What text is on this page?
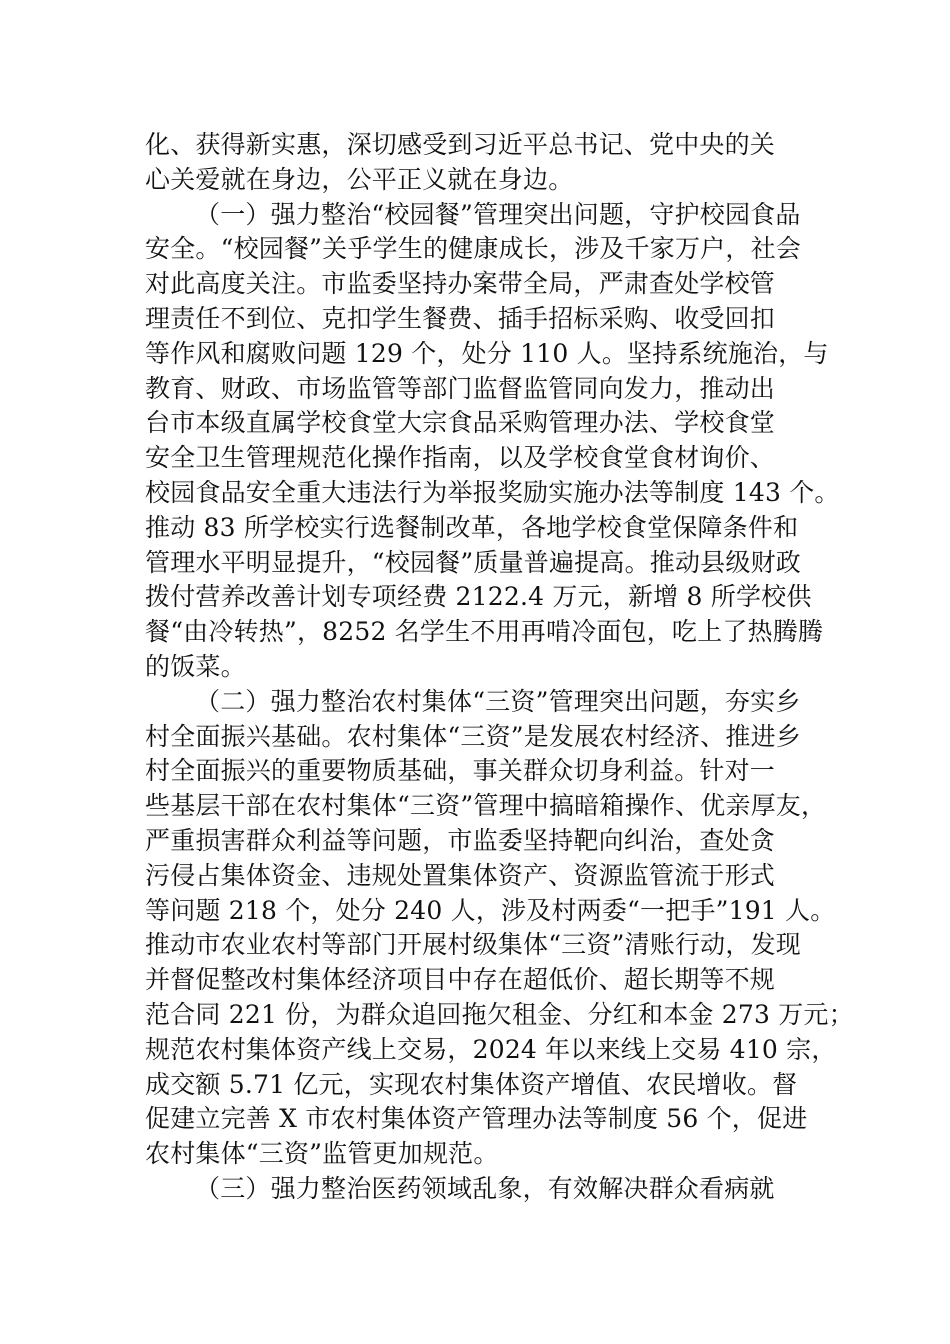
化、获得新实惠，深切感受到习近平总书记、党中央的关
心关爱就在身边，公平正义就在身边。
（一）强力整治“校园餐”管理突出问题，守护校园食品
安全。“校园餐”关乎学生的健康成长，涉及千家万户，社会
对此高度关注。市监委坚持办案带全局，严肃查处学校管
理责任不到位、克扣学生餐费、插手招标采购、收受回扣
等作风和腐败问题 129 个，处分 110 人。坚持系统施治，与
教育、财政、市场监管等部门监督监管同向发力，推动出
台市本级直属学校食堂大宗食品采购管理办法、学校食堂
安全卫生管理规范化操作指南，以及学校食堂食材询价、
校园食品安全重大违法行为举报奖励实施办法等制度 143 个。
推动 83 所学校实行选餐制改革，各地学校食堂保障条件和
管理水平明显提升，“校园餐”质量普遍提高。推动县级财政
拨付营养改善计划专项经费 2122.4 万元，新增 8 所学校供
餐“由冷转热”，8252 名学生不用再啃冷面包，吃上了热腾腾
的饭菜。
（二）强力整治农村集体“三资”管理突出问题，夯实乡
村全面振兴基础。农村集体“三资”是发展农村经济、推进乡
村全面振兴的重要物质基础，事关群众切身利益。针对一
些基层干部在农村集体“三资”管理中搞暗箱操作、优亲厚友，
严重损害群众利益等问题，市监委坚持靶向纠治，查处贪
污侵占集体资金、违规处置集体资产、资源监管流于形式
等问题 218 个，处分 240 人，涉及村两委“一把手”191 人。
推动市农业农村等部门开展村级集体“三资”清账行动，发现
并督促整改村集体经济项目中存在超低价、超长期等不规
范合同 221 份，为群众追回拖欠租金、分红和本金 273 万元；
规范农村集体资产线上交易，2024 年以来线上交易 410 宗，
成交额 5.71 亿元，实现农村集体资产增值、农民增收。督
促建立完善 X 市农村集体资产管理办法等制度 56 个，促进
农村集体“三资”监管更加规范。
（三）强力整治医药领域乱象，有效解决群众看病就
